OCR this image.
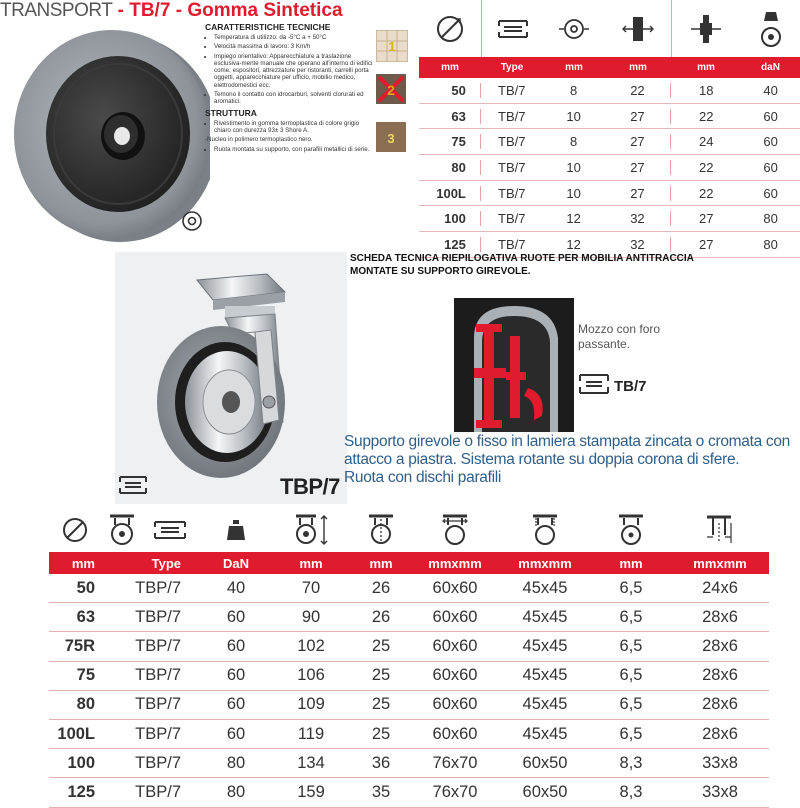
TRANSPORT - TB/7 - Gomma Sintetica
CARATTERISTICHE TECNICHE
• Temperatura di utilizzo: da -5°C a + 50°C
• Velocità massima di lavoro: 3 Km/h
• Impiego orientativo: Apparecchiature a traslazione esclusiva-mente manuale che operano all'interno di edifici come, espositori, attrezzature per ristoranti, carrelli porta oggetti, apparecchiature per ufficio, mobilio medico, elettrodomestici ecc.
• Temono il contatto con idrocarburi, solventi clorurati ed aromatici.
STRUTTURA
• Rivestimento in gomma termoplastica di colore grigio chiaro con durezza 93± 3 Shore A.
-Nucleo in polimero termoplastico nero.
• Ruota montata su supporto, con parafili metallici di serie.
1
2
3
mm	Type	mm	mm	mm	daN
50	TB/7	8	22	18	40
63	TB/7	10	27	22	60
75	TB/7	8	27	24	60
80	TB/7	10	27	22	60
100L	TB/7	10	27	22	60
100	TB/7	12	32	27	80
125	TB/7	12	32	27	80
TBP/7
SCHEDA TECNICA RIEPILOGATIVA RUOTE PER MOBILIA ANTITRACCIA
MONTATE SU SUPPORTO GIREVOLE.
Mozzo con foro passante.
TB/7
Supporto girevole o fisso in lamiera stampata zincata o cromata con
attacco a piastra. Sistema rotante su doppia corona di sfere.
Ruota con dischi parafili
mm	Type	DaN	mm	mm	mmxmm	mmxmm	mm	mmxmm
50	TBP/7	40	70	26	60x60	45x45	6,5	24x6
63	TBP/7	60	90	26	60x60	45x45	6,5	28x6
75R	TBP/7	60	102	25	60x60	45x45	6,5	28x6
75	TBP/7	60	106	25	60x60	45x45	6,5	28x6
80	TBP/7	60	109	25	60x60	45x45	6,5	28x6
100L	TBP/7	60	119	25	60x60	45x45	6,5	28x6
100	TBP/7	80	134	36	76x70	60x50	8,3	33x8
125	TBP/7	80	159	35	76x70	60x50	8,3	33x8
